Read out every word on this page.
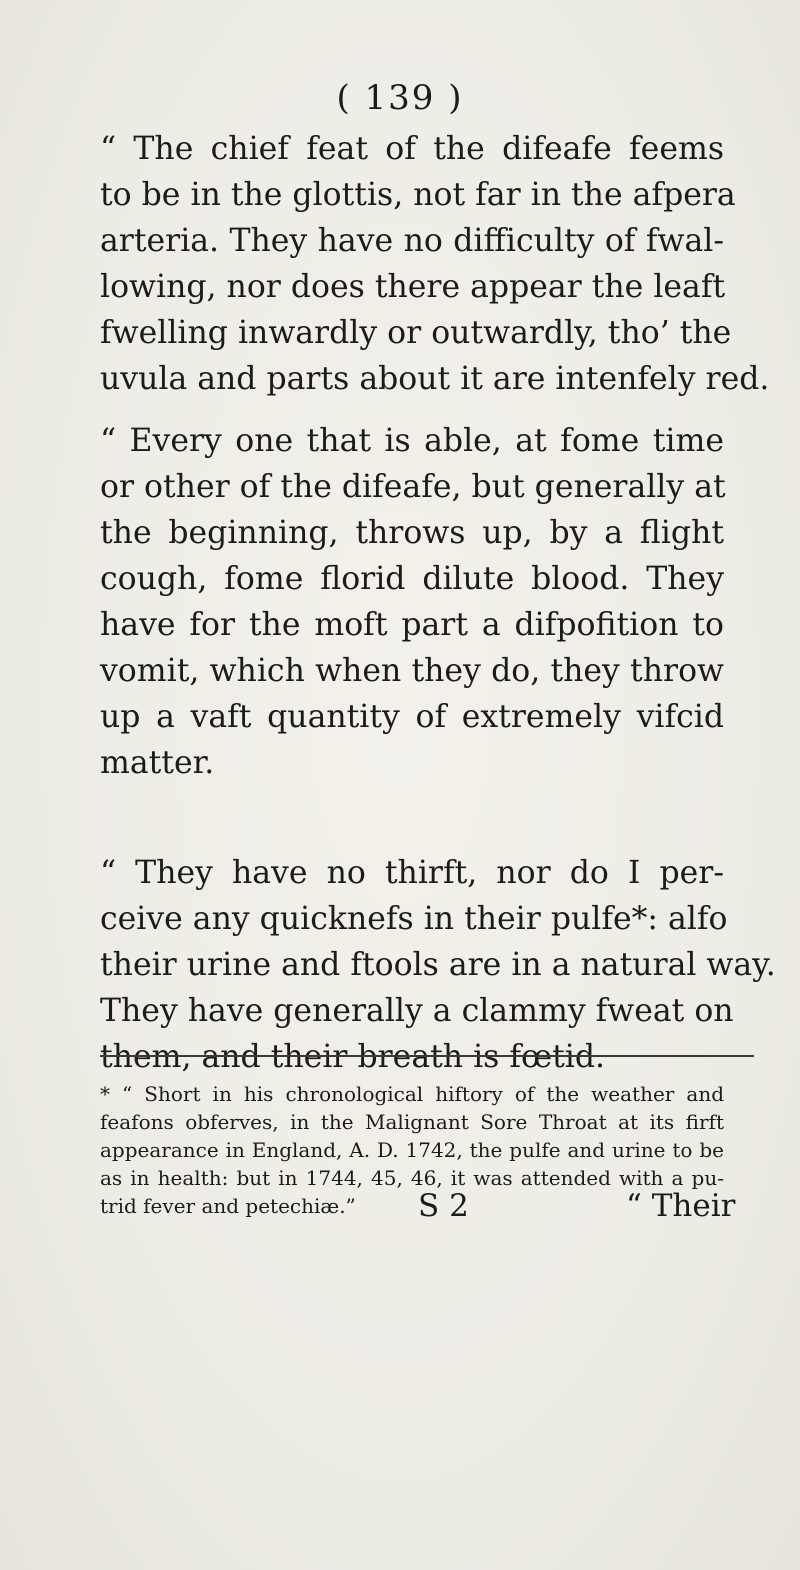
( 139 )
“ The chief feat of the difeafe feems
to be in the glottis, not far in the afpera
arteria. They have no difficulty of fwal-
lowing, nor does there appear the leaft
fwelling inwardly or outwardly, tho’ the
uvula and parts about it are intenfely red.
“ Every one that is able, at fome time
or other of the difeafe, but generally at
the beginning, throws up, by a flight
cough, fome florid dilute blood. They
have for the moft part a difpofition to
vomit, which when they do, they throw
up a vaft quantity of extremely vifcid
matter.
“ They have no thirft, nor do I per-
ceive any quicknefs in their pulfe*: alfo
their urine and ftools are in a natural way.
They have generally a clammy fweat on
them, and their breath is fœtid.
* “ Short in his chronological hiftory of the weather and
feafons obferves, in the Malignant Sore Throat at its firft
appearance in England, A. D. 1742, the pulfe and urine to be
as in health: but in 1744, 45, 46, it was attended with a pu-
trid fever and petechiæ.”	S 2	“ Their
